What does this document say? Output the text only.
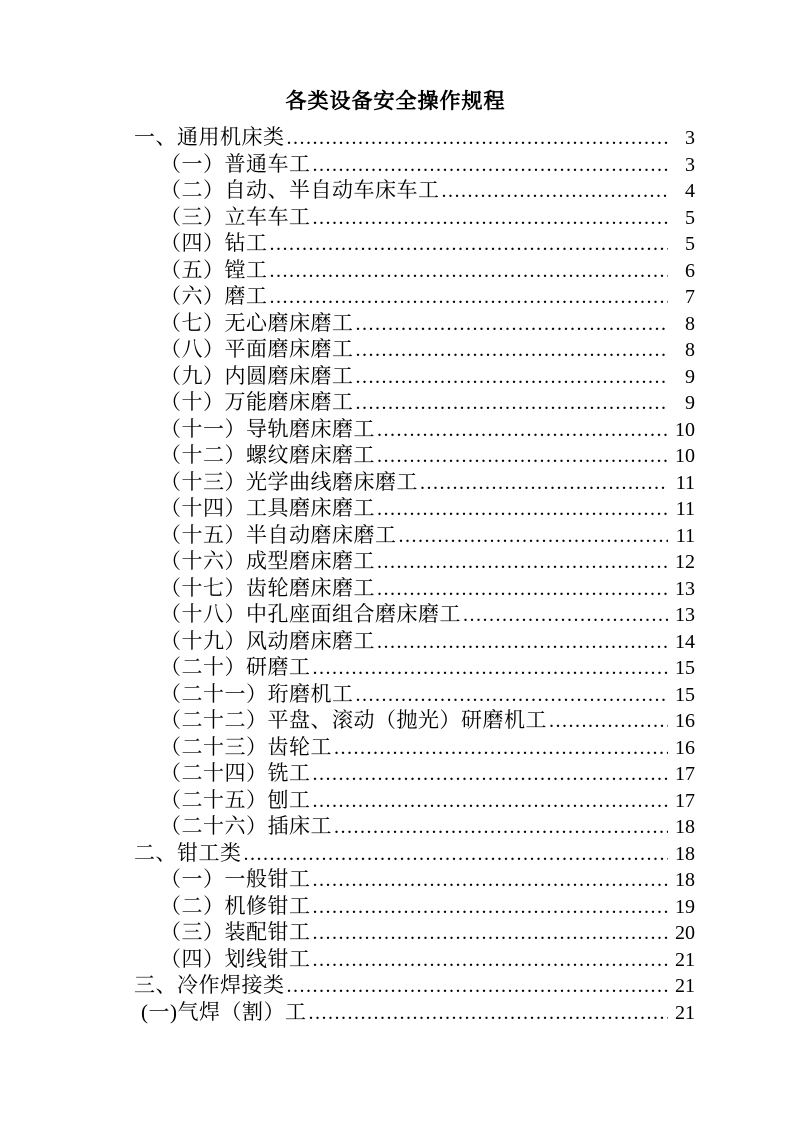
各类设备安全操作规程
一、通用机床类 .....	3
（一）普通车工 .....	3
（二）自动、半自动车床车工 .....	4
（三）立车车工 .....	5
（四）钻工 .....	5
（五）镗工 .....	6
（六）磨工 .....	7
（七）无心磨床磨工 .....	8
（八）平面磨床磨工 .....	8
（九）内圆磨床磨工 .....	9
（十）万能磨床磨工 .....	9
（十一）导轨磨床磨工 .....	10
（十二）螺纹磨床磨工 .....	10
（十三）光学曲线磨床磨工 .....	11
（十四）工具磨床磨工 .....	11
（十五）半自动磨床磨工 .....	11
（十六）成型磨床磨工 .....	12
（十七）齿轮磨床磨工 .....	13
（十八）中孔座面组合磨床磨工 .....	13
（十九）风动磨床磨工 .....	14
（二十）研磨工 .....	15
（二十一）珩磨机工 .....	15
（二十二）平盘、滚动（抛光）研磨机工 .....	16
（二十三）齿轮工 .....	16
（二十四）铣工 .....	17
（二十五）刨工 .....	17
（二十六）插床工 .....	18
二、钳工类 .....	18
（一）一般钳工 .....	18
（二）机修钳工 .....	19
（三）装配钳工 .....	20
（四）划线钳工 .....	21
三、冷作焊接类 .....	21
(一)气焊（割）工 .....	21
